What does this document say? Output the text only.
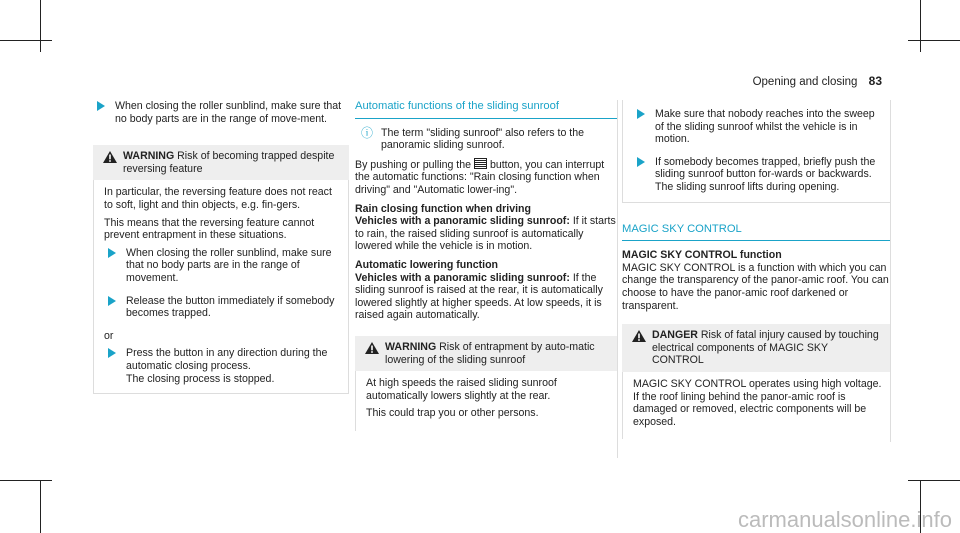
Opening and closing 83
When closing the roller sunblind, make sure that no body parts are in the range of move-ment.
WARNING Risk of becoming trapped despite reversing feature

In particular, the reversing feature does not react to soft, light and thin objects, e.g. fin-gers.

This means that the reversing feature cannot prevent entrapment in these situations.

When closing the roller sunblind, make sure that no body parts are in the range of movement.
Release the button immediately if somebody becomes trapped.

or

Press the button in any direction during the automatic closing process.
The closing process is stopped.
Automatic functions of the sliding sunroof
ⓘ The term "sliding sunroof" also refers to the panoramic sliding sunroof.

By pushing or pulling the button, you can interrupt the automatic functions: "Rain closing function when driving" and "Automatic lower-ing".

Rain closing function when driving
Vehicles with a panoramic sliding sunroof: If it starts to rain, the raised sliding sunroof is automatically lowered while the vehicle is in motion.

Automatic lowering function
Vehicles with a panoramic sliding sunroof: If the sliding sunroof is raised at the rear, it is automatically lowered slightly at higher speeds. At low speeds, it is raised again automatically.

WARNING Risk of entrapment by auto-matic lowering of the sliding sunroof

At high speeds the raised sliding sunroof automatically lowers slightly at the rear.

This could trap you or other persons.

Make sure that nobody reaches into the sweep of the sliding sunroof whilst the vehicle is in motion.
If somebody becomes trapped, briefly push the sliding sunroof button for-wards or backwards.
The sliding sunroof lifts during opening.
MAGIC SKY CONTROL

MAGIC SKY CONTROL function
MAGIC SKY CONTROL is a function with which you can change the transparency of the panor-amic roof. You can choose to have the panor-amic roof darkened or transparent.

DANGER Risk of fatal injury caused by touching electrical components of MAGIC SKY CONTROL

MAGIC SKY CONTROL operates using high voltage. If the roof lining behind the panor-amic roof is damaged or removed, electric components will be exposed.

carmanualsonline.info
